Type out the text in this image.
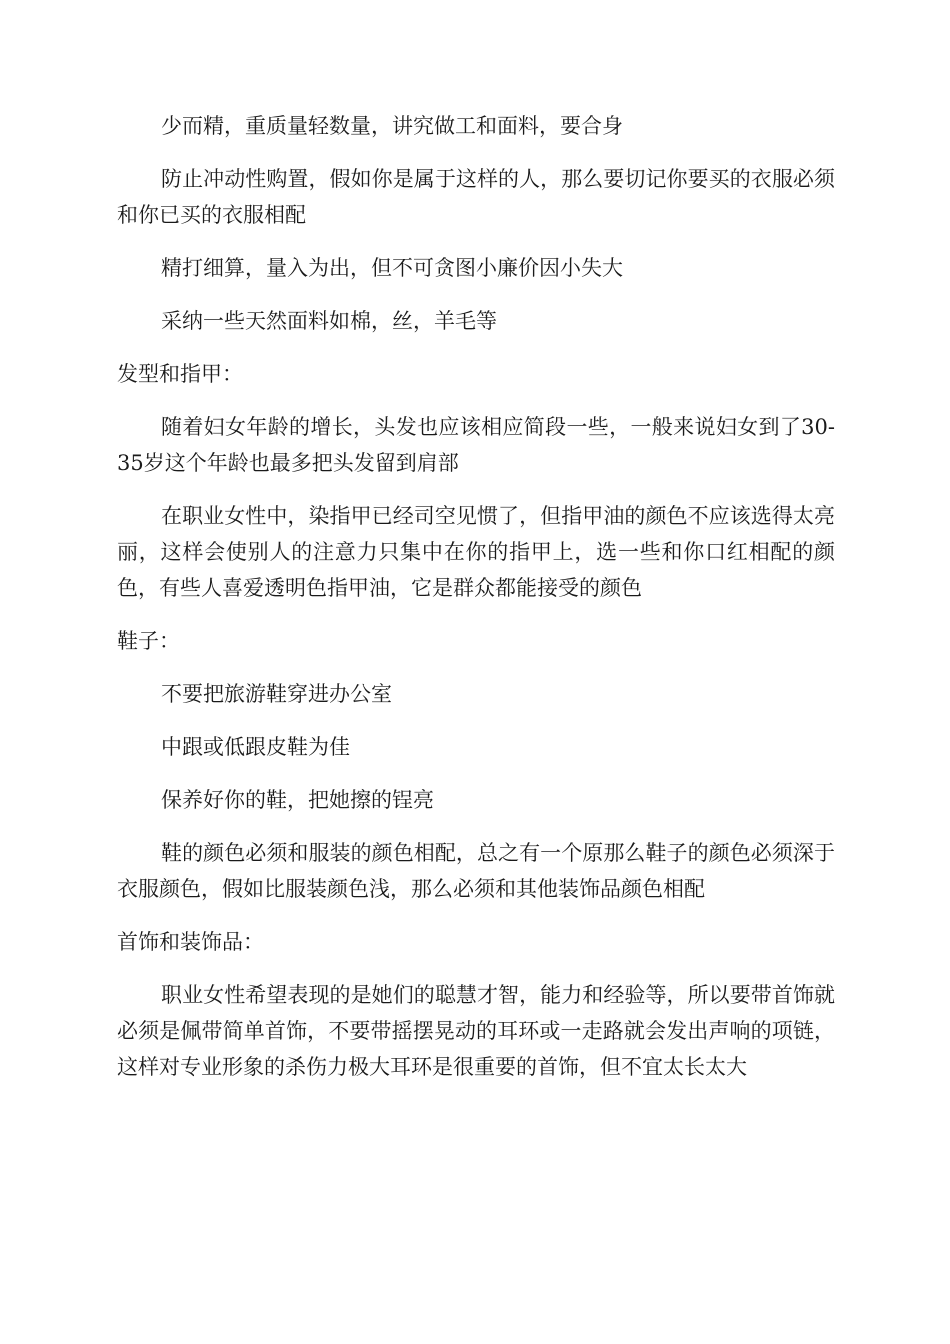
少而精，重质量轻数量，讲究做工和面料，要合身

防止冲动性购置，假如你是属于这样的人，那么要切记你要买的衣服必须和你已买的衣服相配

精打细算，量入为出，但不可贪图小廉价因小失大

采纳一些天然面料如棉，丝，羊毛等

发型和指甲：

随着妇女年龄的增长，头发也应该相应简段一些，一般来说妇女到了30-35岁这个年龄也最多把头发留到肩部

在职业女性中，染指甲已经司空见惯了，但指甲油的颜色不应该选得太亮丽，这样会使别人的注意力只集中在你的指甲上，选一些和你口红相配的颜色，有些人喜爱透明色指甲油，它是群众都能接受的颜色

鞋子：

不要把旅游鞋穿进办公室

中跟或低跟皮鞋为佳

保养好你的鞋，把她擦的锃亮

鞋的颜色必须和服装的颜色相配，总之有一个原那么鞋子的颜色必须深于衣服颜色，假如比服装颜色浅，那么必须和其他装饰品颜色相配

首饰和装饰品：

职业女性希望表现的是她们的聪慧才智，能力和经验等，所以要带首饰就必须是佩带简单首饰，不要带摇摆晃动的耳环或一走路就会发出声响的项链，这样对专业形象的杀伤力极大耳环是很重要的首饰，但不宜太长太大
